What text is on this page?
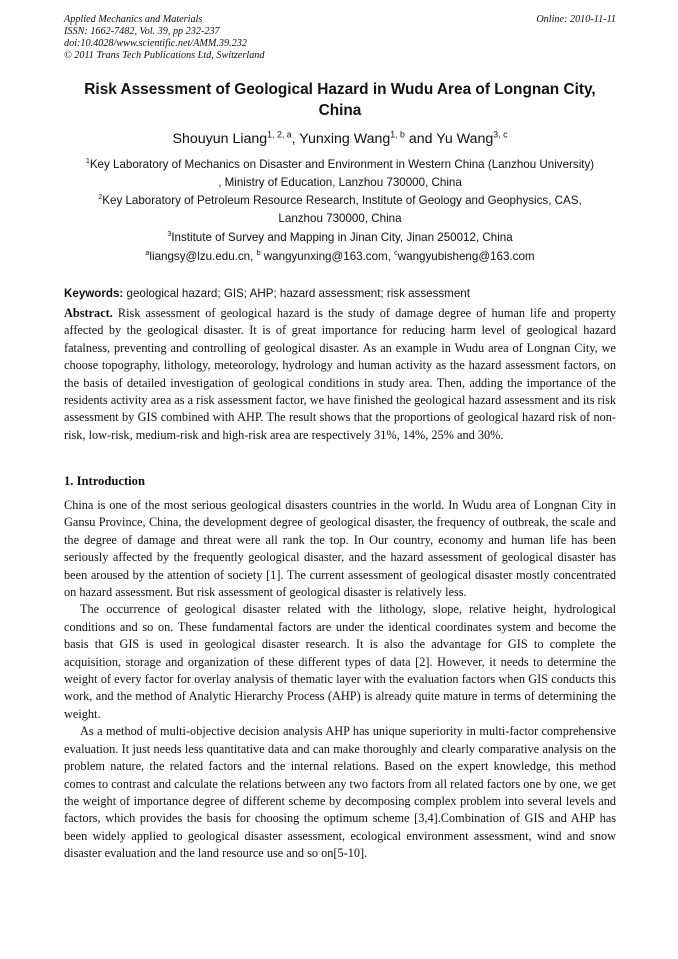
Applied Mechanics and Materials
ISSN: 1662-7482, Vol. 39, pp 232-237
doi:10.4028/www.scientific.net/AMM.39.232
© 2011 Trans Tech Publications Ltd, Switzerland
Online: 2010-11-11
Risk Assessment of Geological Hazard in Wudu Area of Longnan City,
China
Shouyun Liang$^{1, 2, a}$, Yunxing Wang$^{1, b}$ and Yu Wang$^{3, c}$
$^1$Key Laboratory of Mechanics on Disaster and Environment in Western China (Lanzhou University)
, Ministry of Education, Lanzhou 730000, China
$^2$Key Laboratory of Petroleum Resource Research, Institute of Geology and Geophysics, CAS,
Lanzhou 730000, China
$^3$Institute of Survey and Mapping in Jinan City, Jinan 250012, China
$^a$liangsy@lzu.edu.cn, $^b$ wangyunxing@163.com, $^c$wangyubisheng@163.com
Keywords: geological hazard; GIS; AHP; hazard assessment; risk assessment

Abstract. Risk assessment of geological hazard is the study of damage degree of human life and property affected by the geological disaster. It is of great importance for reducing harm level of geological hazard fatalness, preventing and controlling of geological disaster. As an example in Wudu area of Longnan City, we choose topography, lithology, meteorology, hydrology and human activity as the hazard assessment factors, on the basis of detailed investigation of geological conditions in study area. Then, adding the importance of the residents activity area as a risk assessment factor, we have finished the geological hazard assessment and its risk assessment by GIS combined with AHP. The result shows that the proportions of geological hazard risk of non-risk, low-risk, medium-risk and high-risk area are respectively 31%, 14%, 25% and 30%.

1. Introduction

China is one of the most serious geological disasters countries in the world. In Wudu area of Longnan City in Gansu Province, China, the development degree of geological disaster, the frequency of outbreak, the scale and the degree of damage and threat were all rank the top. In Our country, economy and human life has been seriously affected by the frequently geological disaster, and the hazard assessment of geological disaster has been aroused by the attention of society [1]. The current assessment of geological disaster mostly concentrated on hazard assessment. But risk assessment of geological disaster is relatively less.

The occurrence of geological disaster related with the lithology, slope, relative height, hydrological conditions and so on. These fundamental factors are under the identical coordinates system and become the basis that GIS is used in geological disaster research. It is also the advantage for GIS to complete the acquisition, storage and organization of these different types of data [2]. However, it needs to determine the weight of every factor for overlay analysis of thematic layer with the evaluation factors when GIS conducts this work, and the method of Analytic Hierarchy Process (AHP) is already quite mature in terms of determining the weight.

As a method of multi-objective decision analysis AHP has unique superiority in multi-factor comprehensive evaluation. It just needs less quantitative data and can make thoroughly and clearly comparative analysis on the problem nature, the related factors and the internal relations. Based on the expert knowledge, this method comes to contrast and calculate the relations between any two factors from all related factors one by one, we get the weight of importance degree of different scheme by decomposing complex problem into several levels and factors, which provides the basis for choosing the optimum scheme [3,4].Combination of GIS and AHP has been widely applied to geological disaster assessment, ecological environment assessment, wind and snow disaster evaluation and the land resource use and so on[5-10].
